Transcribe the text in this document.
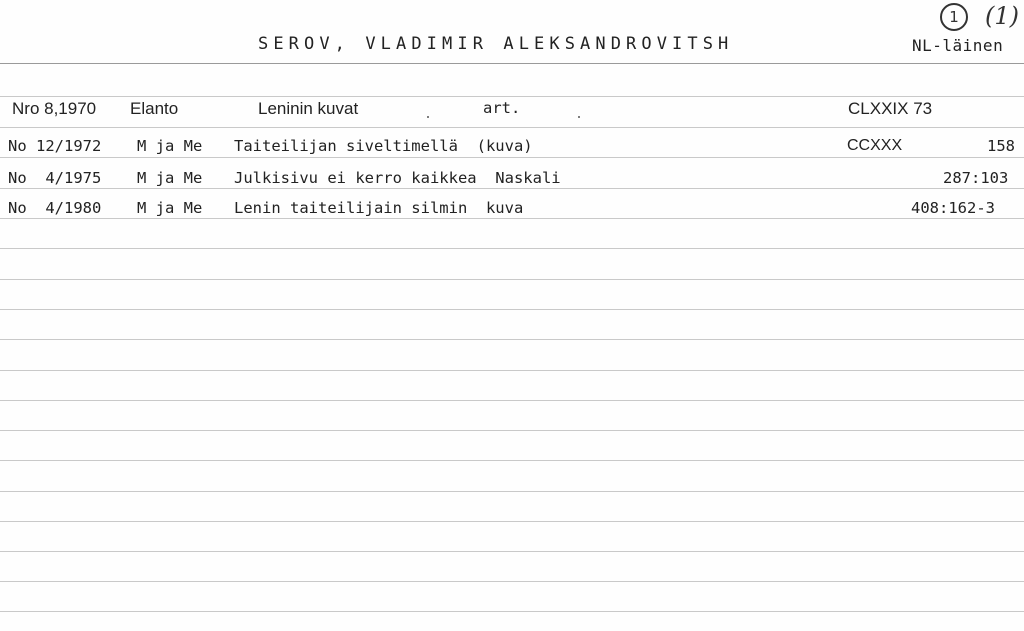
1	(1)
SEROV, VLADIMIR ALEKSANDROVITSH	NL-läinen
Nro 8,1970 Elanto	Leninin kuvat	art.	CLXXIX 73
No 12/1972 M ja Me Taiteilijan siveltimellä  (kuva)	CCXXX	158
No  4/1975 M ja Me Julkisivu ei kerro kaikkea  Naskali	287:103
No  4/1980 M ja Me Lenin taiteilijain silmin  kuva	408:162-3
